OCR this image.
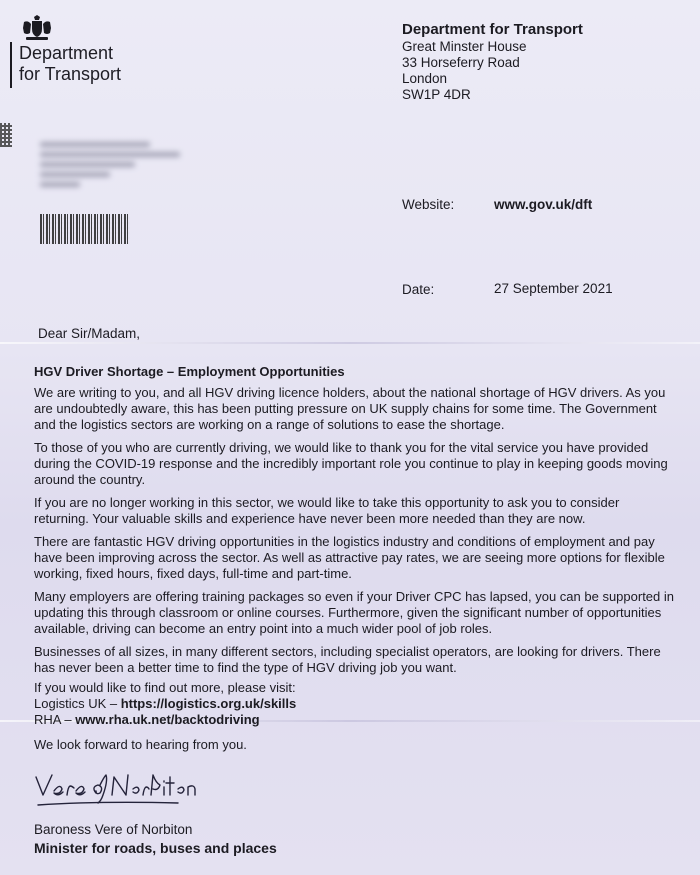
Department
for Transport
Department for Transport
Great Minster House
33 Horseferry Road
London
SW1P 4DR
Website:	www.gov.uk/dft
Date:	27 September 2021
Dear Sir/Madam,
HGV Driver Shortage – Employment Opportunities

We are writing to you, and all HGV driving licence holders, about the national shortage of HGV drivers. As you are undoubtedly aware, this has been putting pressure on UK supply chains for some time. The Government and the logistics sectors are working on a range of solutions to ease the shortage.

To those of you who are currently driving, we would like to thank you for the vital service you have provided during the COVID-19 response and the incredibly important role you continue to play in keeping goods moving around the country.

If you are no longer working in this sector, we would like to take this opportunity to ask you to consider returning. Your valuable skills and experience have never been more needed than they are now.

There are fantastic HGV driving opportunities in the logistics industry and conditions of employment and pay have been improving across the sector. As well as attractive pay rates, we are seeing more options for flexible working, fixed hours, fixed days, full-time and part-time.

Many employers are offering training packages so even if your Driver CPC has lapsed, you can be supported in updating this through classroom or online courses. Furthermore, given the significant number of opportunities available, driving can become an entry point into a much wider pool of job roles.

Businesses of all sizes, in many different sectors, including specialist operators, are looking for drivers. There has never been a better time to find the type of HGV driving job you want.

If you would like to find out more, please visit:
Logistics UK – https://logistics.org.uk/skills
RHA – www.rha.uk.net/backtodriving
We look forward to hearing from you.
Baroness Vere of Norbiton
Minister for roads, buses and places
